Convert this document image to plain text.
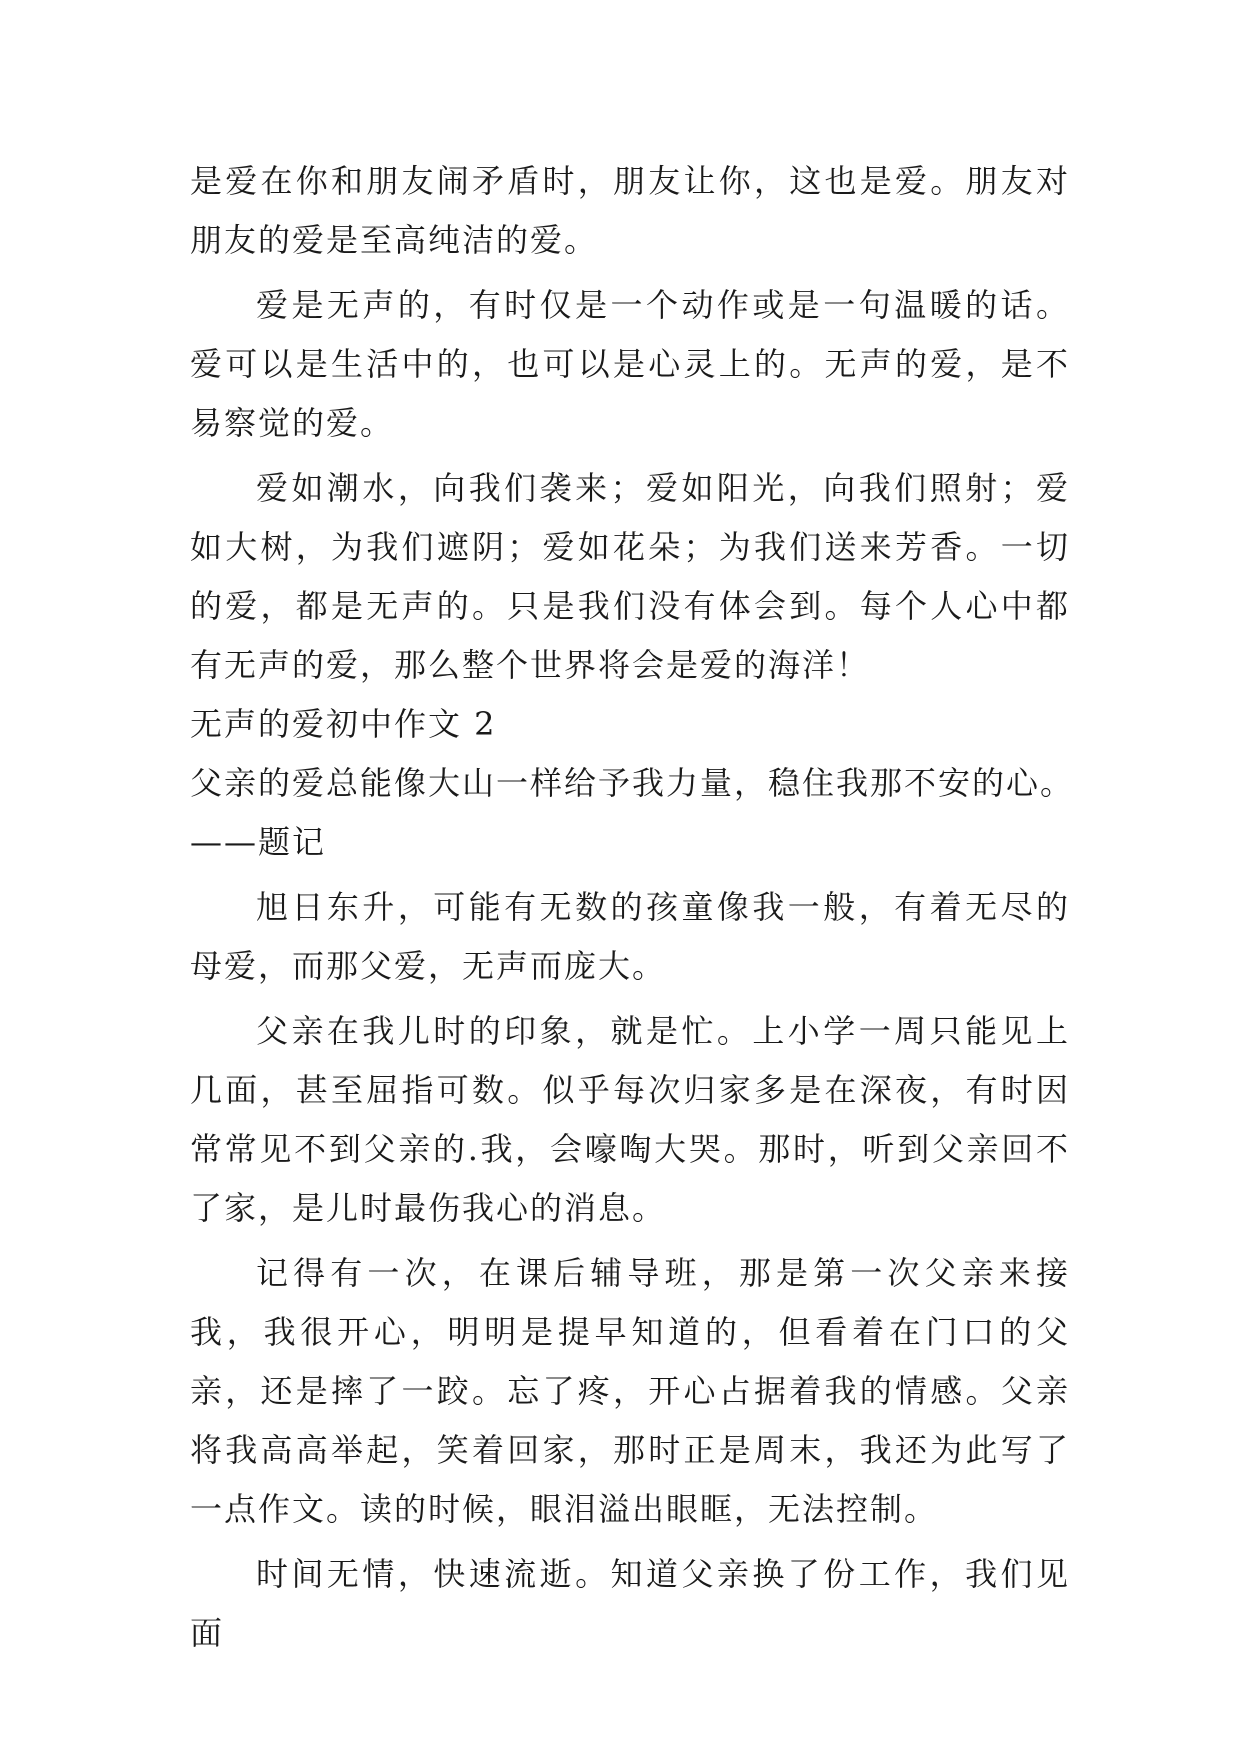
是爱在你和朋友闹矛盾时，朋友让你，这也是爱。朋友对朋友的爱是至高纯洁的爱。

爱是无声的，有时仅是一个动作或是一句温暖的话。爱可以是生活中的，也可以是心灵上的。无声的爱，是不易察觉的爱。

爱如潮水，向我们袭来；爱如阳光，向我们照射；爱如大树，为我们遮阴；爱如花朵；为我们送来芳香。一切的爱，都是无声的。只是我们没有体会到。每个人心中都有无声的爱，那么整个世界将会是爱的海洋！

无声的爱初中作文 2

父亲的爱总能像大山一样给予我力量，稳住我那不安的心。

——题记

旭日东升，可能有无数的孩童像我一般，有着无尽的母爱，而那父爱，无声而庞大。

父亲在我儿时的印象，就是忙。上小学一周只能见上几面，甚至屈指可数。似乎每次归家多是在深夜，有时因常常见不到父亲的.我，会嚎啕大哭。那时，听到父亲回不了家，是儿时最伤我心的消息。

记得有一次，在课后辅导班，那是第一次父亲来接我，我很开心，明明是提早知道的，但看着在门口的父亲，还是摔了一跤。忘了疼，开心占据着我的情感。父亲将我高高举起，笑着回家，那时正是周末，我还为此写了一点作文。读的时候，眼泪溢出眼眶，无法控制。

时间无情，快速流逝。知道父亲换了份工作，我们见面
